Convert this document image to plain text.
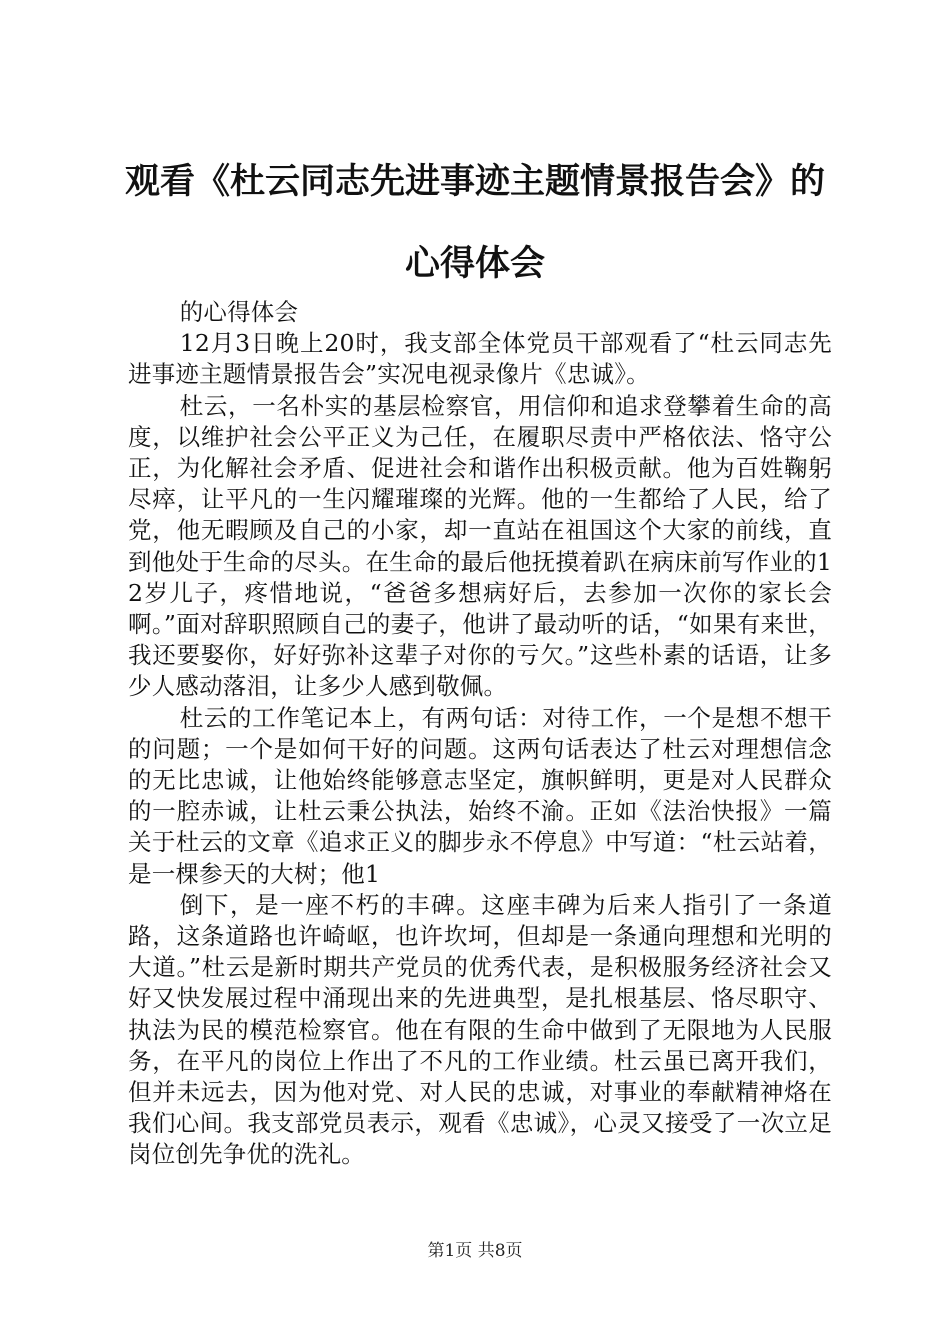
观看《杜云同志先进事迹主题情景报告会》的
心得体会

的心得体会

12月3日晚上20时，我支部全体党员干部观看了“杜云同志先进事迹主题情景报告会”实况电视录像片《忠诚》。

杜云，一名朴实的基层检察官，用信仰和追求登攀着生命的高度，以维护社会公平正义为己任，在履职尽责中严格依法、恪守公正，为化解社会矛盾、促进社会和谐作出积极贡献。他为百姓鞠躬尽瘁，让平凡的一生闪耀璀璨的光辉。他的一生都给了人民，给了党，他无暇顾及自己的小家，却一直站在祖国这个大家的前线，直到他处于生命的尽头。在生命的最后他抚摸着趴在病床前写作业的12岁儿子，疼惜地说，“爸爸多想病好后，去参加一次你的家长会啊。”面对辞职照顾自己的妻子，他讲了最动听的话，“如果有来世，我还要娶你，好好弥补这辈子对你的亏欠。”这些朴素的话语，让多少人感动落泪，让多少人感到敬佩。

杜云的工作笔记本上，有两句话：对待工作，一个是想不想干的问题；一个是如何干好的问题。这两句话表达了杜云对理想信念的无比忠诚，让他始终能够意志坚定，旗帜鲜明，更是对人民群众的一腔赤诚，让杜云秉公执法，始终不渝。正如《法治快报》一篇关于杜云的文章《追求正义的脚步永不停息》中写道：“杜云站着，是一棵参天的大树；他1

倒下，是一座不朽的丰碑。这座丰碑为后来人指引了一条道路，这条道路也许崎岖，也许坎坷，但却是一条通向理想和光明的大道。”杜云是新时期共产党员的优秀代表，是积极服务经济社会又好又快发展过程中涌现出来的先进典型，是扎根基层、恪尽职守、执法为民的模范检察官。他在有限的生命中做到了无限地为人民服务，在平凡的岗位上作出了不凡的工作业绩。杜云虽已离开我们，但并未远去，因为他对党、对人民的忠诚，对事业的奉献精神烙在我们心间。我支部党员表示，观看《忠诚》，心灵又接受了一次立足岗位创先争优的洗礼。

第1页 共8页
